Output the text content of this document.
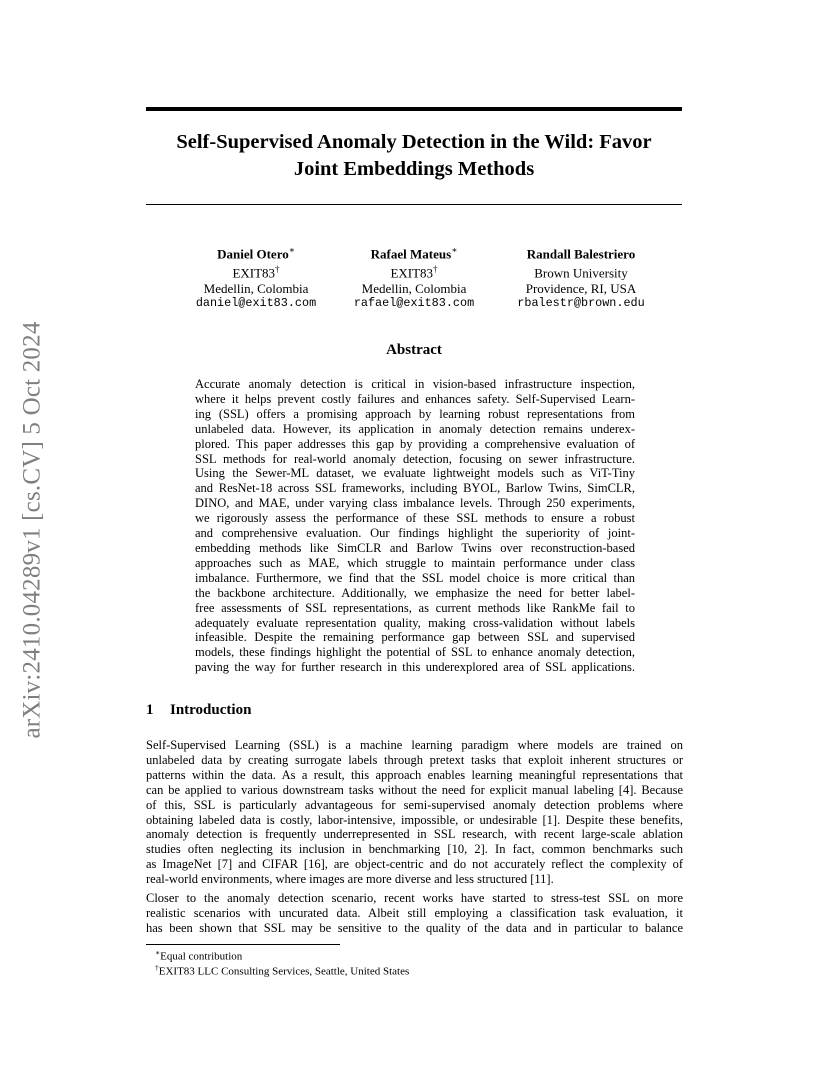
arXiv:2410.04289v1 [cs.CV] 5 Oct 2024
Self-Supervised Anomaly Detection in the Wild: Favor
Joint Embeddings Methods
Daniel Otero∗
EXIT83†
Medellin, Colombia
daniel@exit83.com
Rafael Mateus∗
EXIT83†
Medellin, Colombia
rafael@exit83.com
Randall Balestriero
Brown University
Providence, RI, USA
rbalestr@brown.edu
Abstract
Accurate anomaly detection is critical in vision-based infrastructure inspection,
where it helps prevent costly failures and enhances safety. Self-Supervised Learn-
ing (SSL) offers a promising approach by learning robust representations from
unlabeled data. However, its application in anomaly detection remains underex-
plored. This paper addresses this gap by providing a comprehensive evaluation of
SSL methods for real-world anomaly detection, focusing on sewer infrastructure.
Using the Sewer-ML dataset, we evaluate lightweight models such as ViT-Tiny
and ResNet-18 across SSL frameworks, including BYOL, Barlow Twins, SimCLR,
DINO, and MAE, under varying class imbalance levels. Through 250 experiments,
we rigorously assess the performance of these SSL methods to ensure a robust
and comprehensive evaluation. Our findings highlight the superiority of joint-
embedding methods like SimCLR and Barlow Twins over reconstruction-based
approaches such as MAE, which struggle to maintain performance under class
imbalance. Furthermore, we find that the SSL model choice is more critical than
the backbone architecture. Additionally, we emphasize the need for better label-
free assessments of SSL representations, as current methods like RankMe fail to
adequately evaluate representation quality, making cross-validation without labels
infeasible. Despite the remaining performance gap between SSL and supervised
models, these findings highlight the potential of SSL to enhance anomaly detection,
paving the way for further research in this underexplored area of SSL applications.
1 Introduction
Self-Supervised Learning (SSL) is a machine learning paradigm where models are trained on
unlabeled data by creating surrogate labels through pretext tasks that exploit inherent structures or
patterns within the data. As a result, this approach enables learning meaningful representations that
can be applied to various downstream tasks without the need for explicit manual labeling [4]. Because
of this, SSL is particularly advantageous for semi-supervised anomaly detection problems where
obtaining labeled data is costly, labor-intensive, impossible, or undesirable [1]. Despite these benefits,
anomaly detection is frequently underrepresented in SSL research, with recent large-scale ablation
studies often neglecting its inclusion in benchmarking [10, 2]. In fact, common benchmarks such
as ImageNet [7] and CIFAR [16], are object-centric and do not accurately reflect the complexity of
real-world environments, where images are more diverse and less structured [11].
Closer to the anomaly detection scenario, recent works have started to stress-test SSL on more
realistic scenarios with uncurated data. Albeit still employing a classification task evaluation, it
has been shown that SSL may be sensitive to the quality of the data and in particular to balance
∗Equal contribution
†EXIT83 LLC Consulting Services, Seattle, United States
